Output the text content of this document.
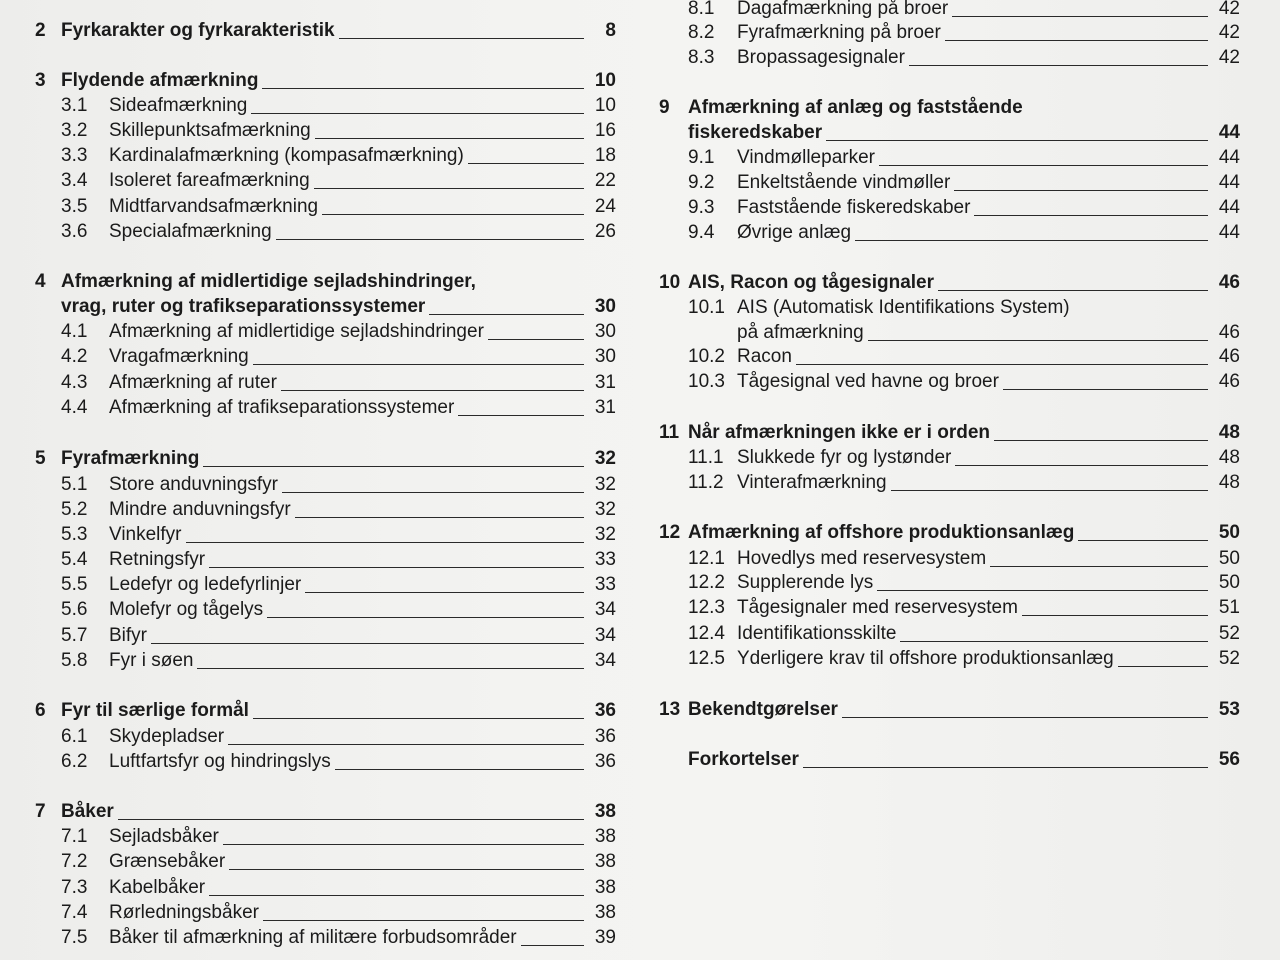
2 Fyrkarakter og fyrkarakteristik	8
3 Flydende afmærkning	10
3.1	Sideafmærkning	10
3.2	Skillepunktsafmærkning	16
3.3	Kardinalafmærkning (kompasafmærkning)	18
3.4	Isoleret fareafmærkning	22
3.5	Midtfarvandsafmærkning	24
3.6	Specialafmærkning	26
4 Afmærkning af midlertidige sejladshindringer,
vrag, ruter og trafikseparationssystemer	30
4.1	Afmærkning af midlertidige sejladshindringer	30
4.2	Vragafmærkning	30
4.3	Afmærkning af ruter	31
4.4	Afmærkning af trafikseparationssystemer	31
5 Fyrafmærkning	32
5.1	Store anduvningsfyr	32
5.2	Mindre anduvningsfyr	32
5.3	Vinkelfyr	32
5.4	Retningsfyr	33
5.5	Ledefyr og ledefyrlinjer	33
5.6	Molefyr og tågelys	34
5.7	Bifyr	34
5.8	Fyr i søen	34
6 Fyr til særlige formål	36
6.1	Skydepladser	36
6.2	Luftfartsfyr og hindringslys	36
7 Båker	38
7.1	Sejladsbåker	38
7.2	Grænsebåker	38
7.3	Kabelbåker	38
7.4	Rørledningsbåker	38
7.5	Båker til afmærkning af militære forbudsområder	39
8.1	Dagafmærkning på broer	42
8.2	Fyrafmærkning på broer	42
8.3	Bropassagesignaler	42
9 Afmærkning af anlæg og faststående
fiskeredskaber	44
9.1	Vindmølleparker	44
9.2	Enkeltstående vindmøller	44
9.3	Faststående fiskeredskaber	44
9.4	Øvrige anlæg	44
10 AIS, Racon og tågesignaler	46
10.1 AIS (Automatisk Identifikations System)
på afmærkning	46
10.2 Racon	46
10.3 Tågesignal ved havne og broer	46
11 Når afmærkningen ikke er i orden	48
11.1 Slukkede fyr og lystønder	48
11.2 Vinterafmærkning	48
12 Afmærkning af offshore produktionsanlæg	50
12.1 Hovedlys med reservesystem	50
12.2 Supplerende lys	50
12.3 Tågesignaler med reservesystem	51
12.4 Identifikationsskilte	52
12.5 Yderligere krav til offshore produktionsanlæg	52
13 Bekendtgørelser	53
Forkortelser	56
